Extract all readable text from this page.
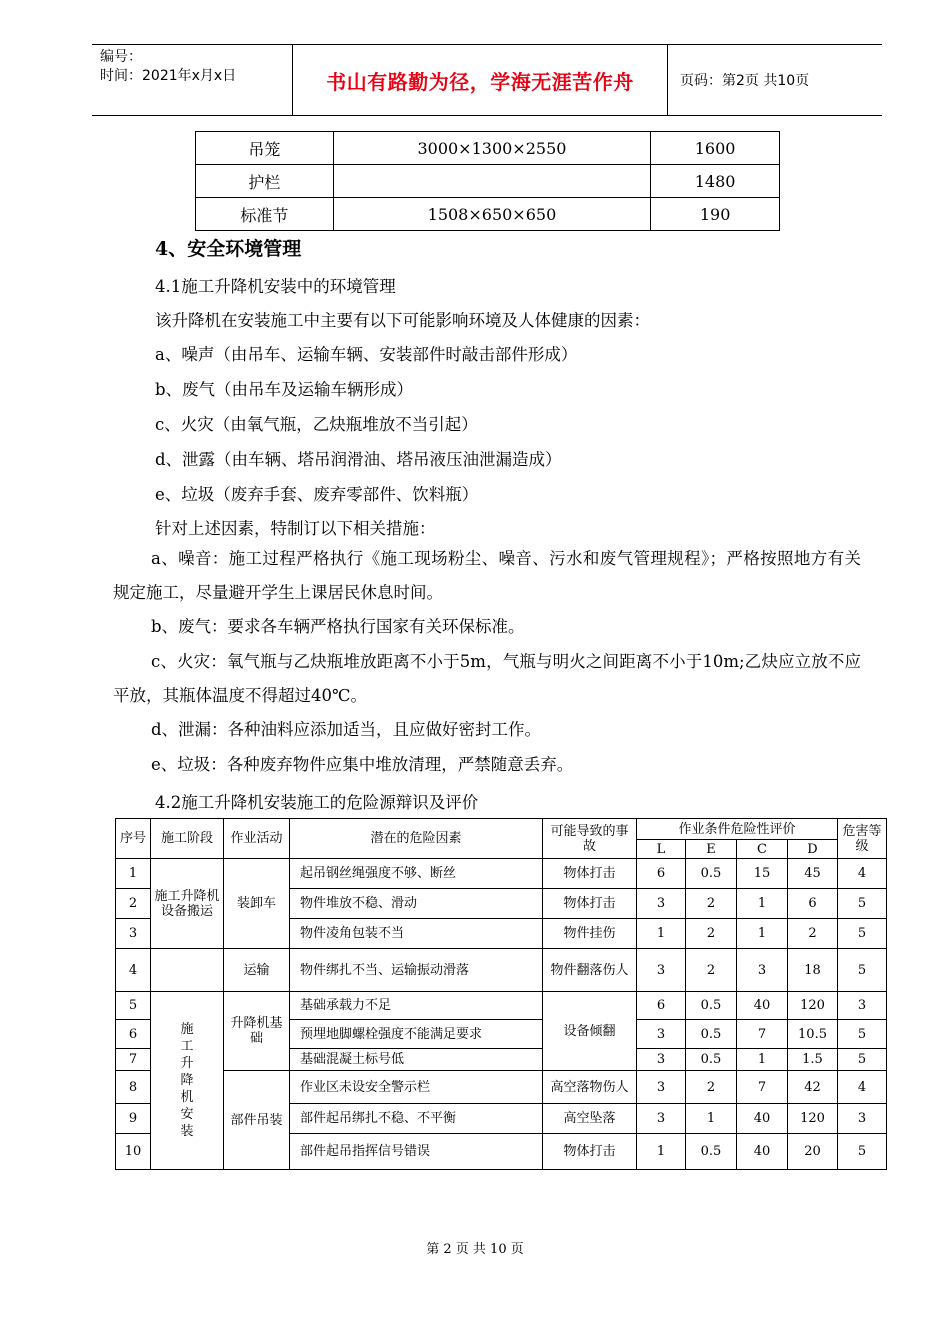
编号：
时间：2021年x月x日	书山有路勤为径，学海无涯苦作舟	页码：第2页 共10页
吊笼	3000×1300×2550	1600
护栏		1480
标准节	1508×650×650	190
4、安全环境管理
4.1施工升降机安装中的环境管理
该升降机在安装施工中主要有以下可能影响环境及人体健康的因素：
a、噪声（由吊车、运输车辆、安装部件时敲击部件形成）
b、废气（由吊车及运输车辆形成）
c、火灾（由氧气瓶，乙炔瓶堆放不当引起）
d、泄露（由车辆、塔吊润滑油、塔吊液压油泄漏造成）
e、垃圾（废弃手套、废弃零部件、饮料瓶）
针对上述因素，特制订以下相关措施：
a、噪音：施工过程严格执行《施工现场粉尘、噪音、污水和废气管理规程》；严格按照地方有关规定施工，尽量避开学生上课居民休息时间。
b、废气：要求各车辆严格执行国家有关环保标准。
c、火灾：氧气瓶与乙炔瓶堆放距离不小于5m，气瓶与明火之间距离不小于10m;乙炔应立放不应平放，其瓶体温度不得超过40℃。
d、泄漏：各种油料应添加适当，且应做好密封工作。
e、垃圾：各种废弃物件应集中堆放清理，严禁随意丢弃。
4.2施工升降机安装施工的危险源辩识及评价
序号	施工阶段	作业活动	潜在的危险因素	可能导致的事故	作业条件危险性评价				危害等级
					L	E	C	D	
1	施工升降机设备搬运	装卸车	起吊钢丝绳强度不够、断丝	物体打击	6	0.5	15	45	4
2			物件堆放不稳、滑动	物体打击	3	2	1	6	5
3			物件凌角包装不当	物件挂伤	1	2	1	2	5
4		运输	物件绑扎不当、运输振动滑落	物件翻落伤人	3	2	3	18	5
5	施工升降机安装	升降机基础	基础承载力不足	设备倾翻	6	0.5	40	120	3
6			预埋地脚螺栓强度不能满足要求		3	0.5	7	10.5	5
7			基础混凝土标号低		3	0.5	1	1.5	5
8		部件吊装	作业区未设安全警示栏	高空落物伤人	3	2	7	42	4
9			部件起吊绑扎不稳、不平衡	高空坠落	3	1	40	120	3
10			部件起吊指挥信号错误	物体打击	1	0.5	40	20	5
第 2 页 共 10 页
